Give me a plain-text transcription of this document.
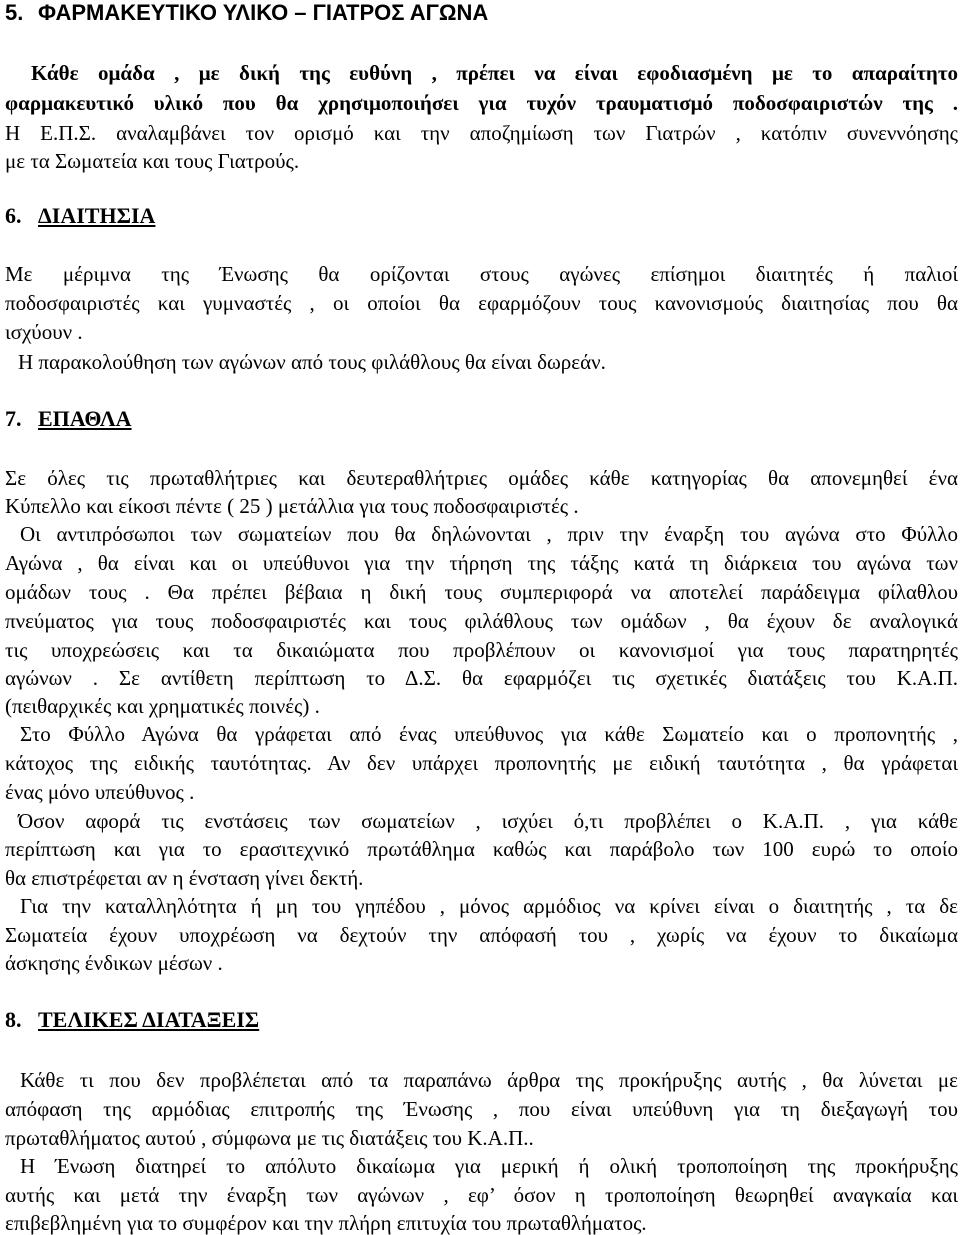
5. ΦΑΡΜΑΚΕΥΤΙΚΟ ΥΛΙΚΟ – ΓΙΑΤΡΟΣ ΑΓΩΝΑ
Κάθε ομάδα , με δική της ευθύνη , πρέπει να είναι εφοδιασμένη με το απαραίτητο
φαρμακευτικό υλικό που θα χρησιμοποιήσει για τυχόν τραυματισμό ποδοσφαιριστών της .
Η Ε.Π.Σ. αναλαμβάνει τον ορισμό και την αποζημίωση των Γιατρών , κατόπιν συνεννόησης
με τα Σωματεία και τους Γιατρούς.
6. ΔΙΑΙΤΗΣΙΑ
Με μέριμνα της Ένωσης θα ορίζονται στους αγώνες επίσημοι διαιτητές ή παλιοί
ποδοσφαιριστές και γυμναστές , οι οποίοι θα εφαρμόζουν τους κανονισμούς διαιτησίας που θα
ισχύουν .
Η παρακολούθηση των αγώνων από τους φιλάθλους θα είναι δωρεάν.
7. ΕΠΑΘΛΑ
Σε όλες τις πρωταθλήτριες και δευτεραθλήτριες ομάδες κάθε κατηγορίας θα απονεμηθεί ένα
Κύπελλο και είκοσι πέντε ( 25 ) μετάλλια για τους ποδοσφαιριστές .
Οι αντιπρόσωποι των σωματείων που θα δηλώνονται , πριν την έναρξη του αγώνα στο Φύλλο
Αγώνα , θα είναι και οι υπεύθυνοι για την τήρηση της τάξης κατά τη διάρκεια του αγώνα των
ομάδων τους . Θα πρέπει βέβαια η δική τους συμπεριφορά να αποτελεί παράδειγμα φίλαθλου
πνεύματος για τους ποδοσφαιριστές και τους φιλάθλους των ομάδων , θα έχουν δε αναλογικά
τις υποχρεώσεις και τα δικαιώματα που προβλέπουν οι κανονισμοί για τους παρατηρητές
αγώνων . Σε αντίθετη περίπτωση το Δ.Σ. θα εφαρμόζει τις σχετικές διατάξεις του Κ.Α.Π.
(πειθαρχικές και χρηματικές ποινές) .
Στο Φύλλο Αγώνα θα γράφεται από ένας υπεύθυνος για κάθε Σωματείο και ο προπονητής ,
κάτοχος της ειδικής ταυτότητας. Αν δεν υπάρχει προπονητής με ειδική ταυτότητα , θα γράφεται
ένας μόνο υπεύθυνος .
Όσον αφορά τις ενστάσεις των σωματείων , ισχύει ό,τι προβλέπει ο Κ.Α.Π. , για κάθε
περίπτωση και για το ερασιτεχνικό πρωτάθλημα καθώς και παράβολο των 100 ευρώ το οποίο
θα επιστρέφεται αν η ένσταση γίνει δεκτή.
Για την καταλληλότητα ή μη του γηπέδου , μόνος αρμόδιος να κρίνει είναι ο διαιτητής , τα δε
Σωματεία έχουν υποχρέωση να δεχτούν την απόφασή του , χωρίς να έχουν το δικαίωμα
άσκησης ένδικων μέσων .
8. ΤΕΛΙΚΕΣ ΔΙΑΤΑΞΕΙΣ
Κάθε τι που δεν προβλέπεται από τα παραπάνω άρθρα της προκήρυξης αυτής , θα λύνεται με
απόφαση της αρμόδιας επιτροπής της Ένωσης , που είναι υπεύθυνη για τη διεξαγωγή του
πρωταθλήματος αυτού , σύμφωνα με τις διατάξεις του Κ.Α.Π..
Η Ένωση διατηρεί το απόλυτο δικαίωμα για μερική ή ολική τροποποίηση της προκήρυξης
αυτής και μετά την έναρξη των αγώνων , εφ’ όσον η τροποποίηση θεωρηθεί αναγκαία και
επιβεβλημένη για το συμφέρον και την πλήρη επιτυχία του πρωταθλήματος.
